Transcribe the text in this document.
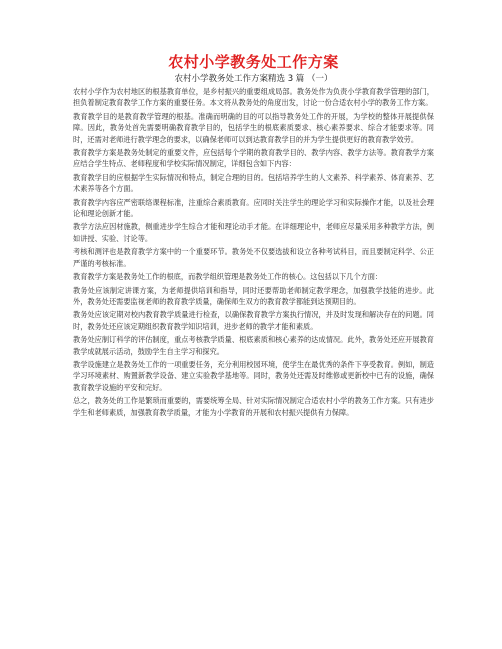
农村小学教务处工作方案
农村小学教务处工作方案精选 3 篇 （一）

农村小学作为农村地区的根基教育单位，是乡村振兴的重要组成局部。教务处作为负责小学教育教学管理的部门，担负着制定教育教学工作方案的重要任务。本文将从教务处的角度出发，讨论一份合适农村小学的教务工作方案。

教育教学目的是教育教学管理的根基。准确而明确的目的可以指导教务处工作的开展，为学校的整体开展提供保障。因此，教务处首先需要明确教育教学目的，包括学生的根底素质要求、核心素养要求、综合才能要求等。同时，还需对老师进行教学理念的要求，以确保老师可以到达教育教学目的并为学生提供更好的教育教学效劳。

教育教学方案是教务处制定的重要文件，应包括每个学期的教育教学目的、教学内容、教学方法等。教育教学方案应结合学生特点、老师程度和学校实际情况制定，详细包含如下内容：

教育教学目的应根据学生实际情况和特点，制定合理的目的。包括培养学生的人文素养、科学素养、体育素养、艺术素养等各个方面。

教育教学内容应严密联络课程标准，注重综合素质教育。应同时关注学生的理论学习和实际操作才能，以及社会理论和理论创新才能。

教学方法应因材施教，侧重进步学生综合才能和理论动手才能。在详细理论中，老师应尽量采用多种教学方法，例如讲授、实验、讨论等。

考核和测评也是教育教学方案中的一个重要环节。教务处不仅要选拔和设立各种考试科目，而且要制定科学、公正严谨的考核标准。

教育教学方案是教务处工作的根底，而教学组织管理是教务处工作的核心。这包括以下几个方面：

教务处应该制定讲课方案，为老师提供培训和指导，同时还要帮助老师制定教学理念，加强教学技能的进步。此外，教务处还需要监视老师的教育教学质量，确保师生双方的教育教学都能到达预期目的。

教务处应该定期对校内教育教学质量进行检查，以确保教育教学方案执行情况，并及时发现和解决存在的问题。同时，教务处还应该定期组织教育教学知识培训，进步老师的教学才能和素质。

教务处应制订科学的评估制度，重点考核教学质量、根底素质和核心素养的达成情况。此外，教务处还应开展教育教学成就展示活动，鼓励学生自主学习和探究。

教学设施建立是教务处工作的一项重要任务，充分利用校园环境，使学生在最优秀的条件下享受教育。例如，制造学习环境素材、购置新教学设备、建立实验教学基地等。同时，教务处还需及时维修或更新校中已有的设施，确保教育教学设施的平安和完好。

总之，教务处的工作是繁琐而重要的，需要统筹全局、针对实际情况制定合适农村小学的教务工作方案。只有进步学生和老师素质，加强教育教学质量，才能为小学教育的开展和农村振兴提供有力保障。
